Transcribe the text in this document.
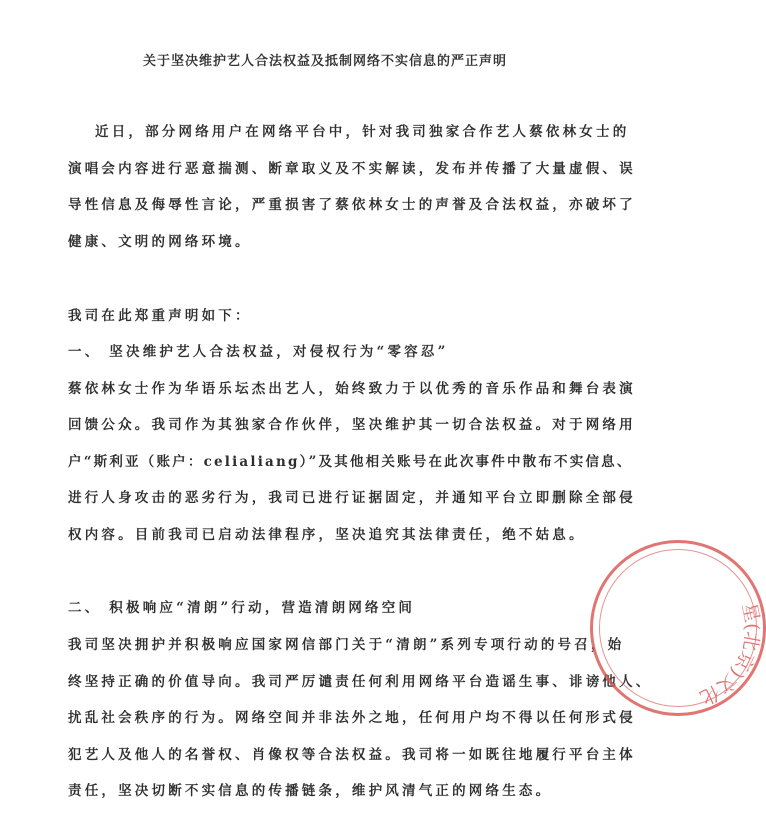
关于坚决维护艺人合法权益及抵制网络不实信息的严正声明
近日，部分网络用户在网络平台中，针对我司独家合作艺人蔡依林女士的
演唱会内容进行恶意揣测、断章取义及不实解读，发布并传播了大量虚假、误
导性信息及侮辱性言论，严重损害了蔡依林女士的声誉及合法权益，亦破坏了
健康、文明的网络环境。
我司在此郑重声明如下：
一、 坚决维护艺人合法权益，对侵权行为“零容忍”
蔡依林女士作为华语乐坛杰出艺人，始终致力于以优秀的音乐作品和舞台表演
回馈公众。我司作为其独家合作伙伴，坚决维护其一切合法权益。对于网络用
户“斯利亚（账户：celialiang）”及其他相关账号在此次事件中散布不实信息、
进行人身攻击的恶劣行为，我司已进行证据固定，并通知平台立即删除全部侵
权内容。目前我司已启动法律程序，坚决追究其法律责任，绝不姑息。
二、 积极响应“清朗”行动，营造清朗网络空间
我司坚决拥护并积极响应国家网信部门关于“清朗”系列专项行动的号召，始
终坚持正确的价值导向。我司严厉谴责任何利用网络平台造谣生事、诽谤他人、
扰乱社会秩序的行为。网络空间并非法外之地，任何用户均不得以任何形式侵
犯艺人及他人的名誉权、肖像权等合法权益。我司将一如既往地履行平台主体
责任，坚决切断不实信息的传播链条，维护风清气正的网络生态。
星(北京)文化
